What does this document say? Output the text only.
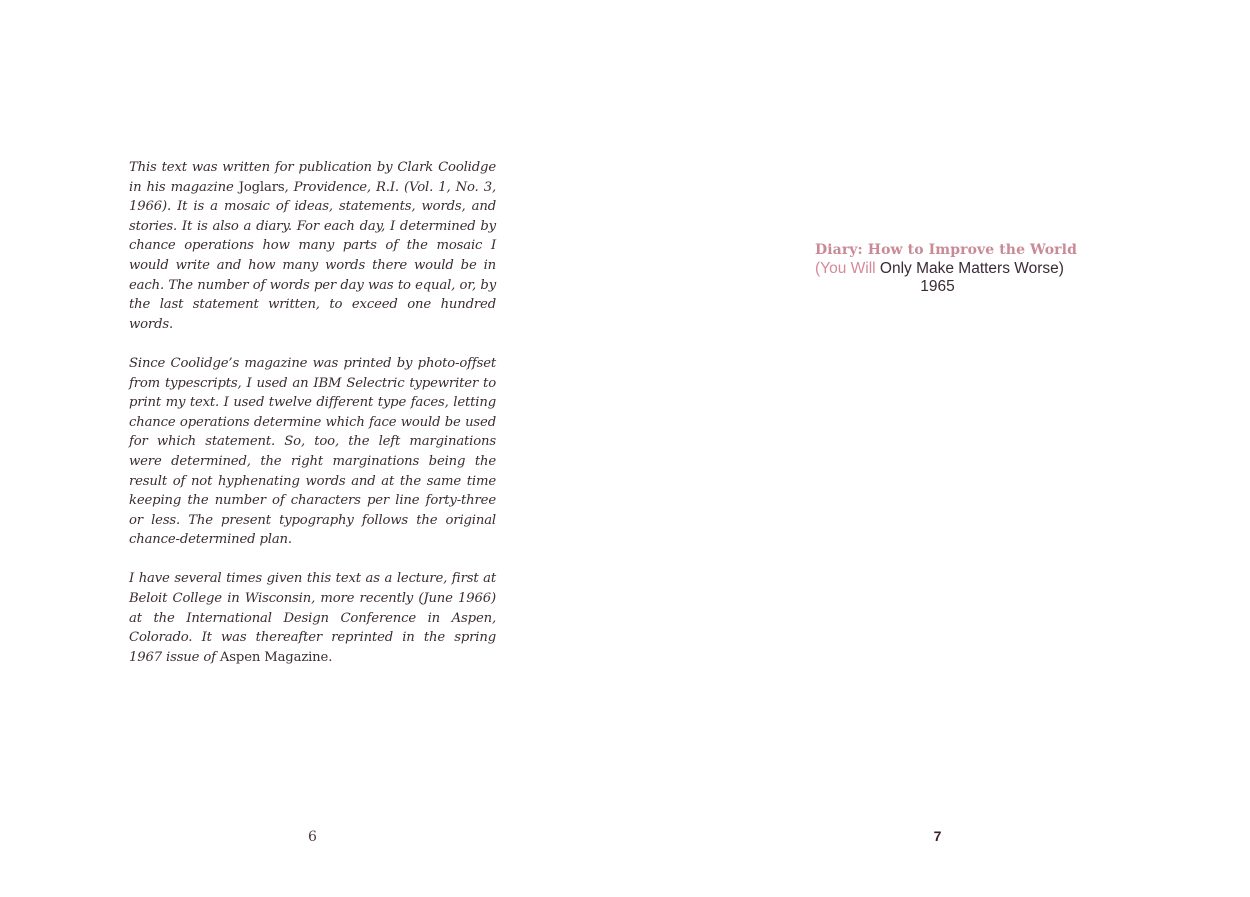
This text was written for publication by Clark Coolidge in his magazine Joglars, Providence, R.I. (Vol. 1, No. 3, 1966). It is a mosaic of ideas, statements, words, and stories. It is also a diary. For each day, I determined by chance operations how many parts of the mosaic I would write and how many words there would be in each. The number of words per day was to equal, or, by the last statement written, to exceed one hundred words.

Since Coolidge’s magazine was printed by photo-offset from typescripts, I used an IBM Selectric typewriter to print my text. I used twelve different type faces, letting chance operations determine which face would be used for which statement. So, too, the left marginations were determined, the right marginations being the result of not hyphenating words and at the same time keeping the number of characters per line forty-three or less. The present typography follows the original chance-determined plan.

I have several times given this text as a lecture, first at Beloit College in Wisconsin, more recently (June 1966) at the International Design Conference in Aspen, Colorado. It was thereafter reprinted in the spring 1967 issue of Aspen Magazine.

6
Diary: How to Improve the World
(You Will Only Make Matters Worse)
1965
7
